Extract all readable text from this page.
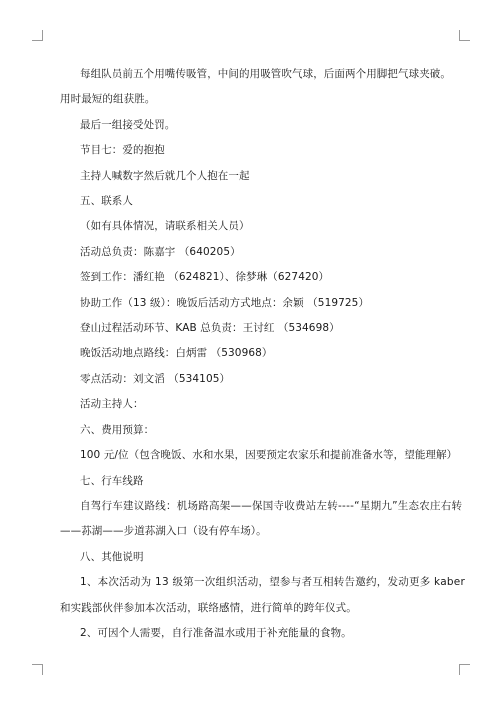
每组队员前五个用嘴传吸管，中间的用吸管吹气球，后面两个用脚把气球夹破。
用时最短的组获胜。
最后一组接受处罚。
节目七：爱的抱抱
主持人喊数字然后就几个人抱在一起
五、联系人
（如有具体情况，请联系相关人员）
活动总负责：陈嘉宇 （640205）
签到工作：潘红艳 （624821）、徐梦琳（627420）
协助工作（13 级）：晚饭后活动方式地点：余颖 （519725）
登山过程活动环节、KAB 总负责：王讨红 （534698）
晚饭活动地点路线：白炳雷 （530968）
零点活动：刘文滔 （534105）
活动主持人：
六、费用预算：
100 元/位（包含晚饭、水和水果，因要预定农家乐和提前准备水等，望能理解）
七、行车线路
自驾行车建议路线：机场路高架——保国寺收费站左转----“星期九”生态农庄右转
——荪湖——步道荪湖入口（设有停车场）。
八、其他说明
1、本次活动为 13 级第一次组织活动，望参与者互相转告邀约，发动更多 kaber
和实践部伙伴参加本次活动，联络感情，进行简单的跨年仪式。
2、可因个人需要，自行准备温水或用于补充能量的食物。
